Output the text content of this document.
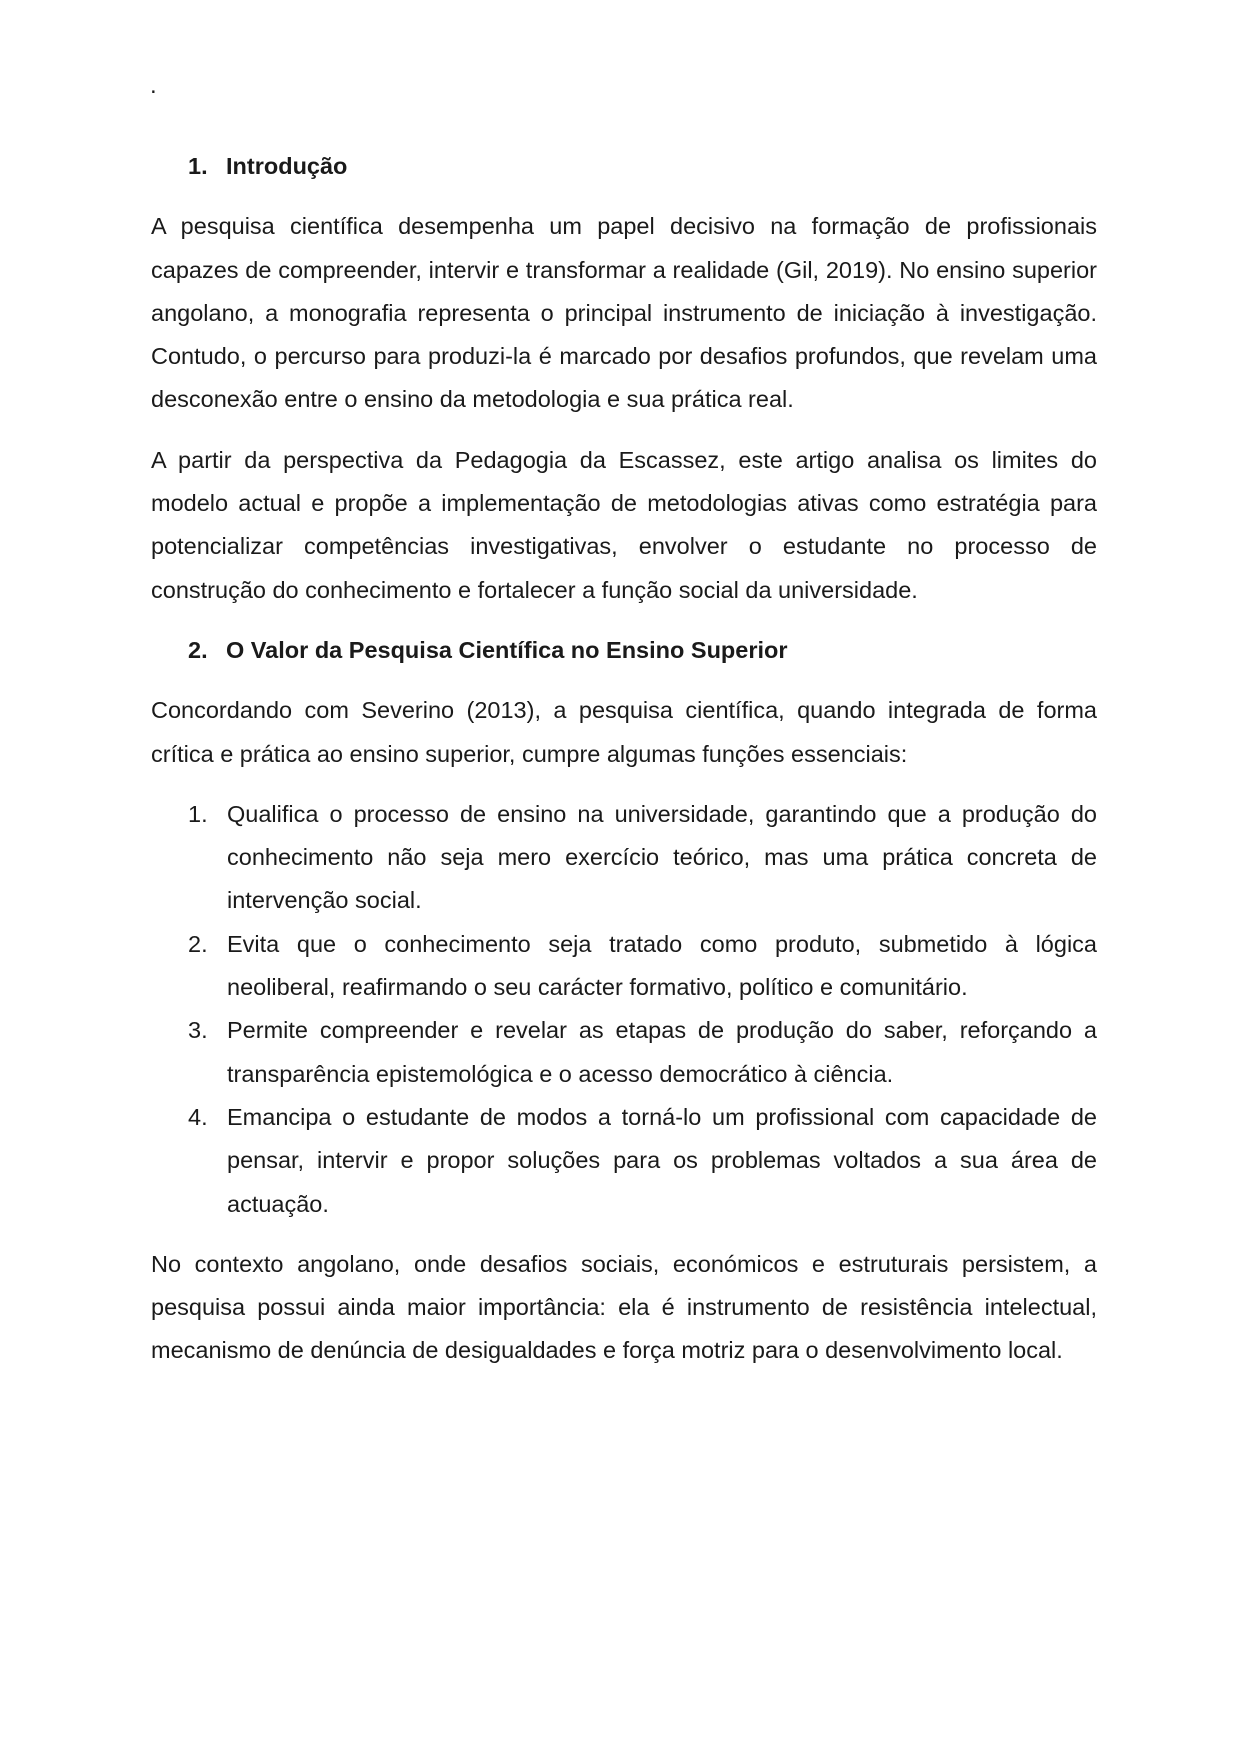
.
1. Introdução

A pesquisa científica desempenha um papel decisivo na formação de profissionais capazes de compreender, intervir e transformar a realidade (Gil, 2019). No ensino superior angolano, a monografia representa o principal instrumento de iniciação à investigação. Contudo, o percurso para produzi-la é marcado por desafios profundos, que revelam uma desconexão entre o ensino da metodologia e sua prática real.

A partir da perspectiva da Pedagogia da Escassez, este artigo analisa os limites do modelo actual e propõe a implementação de metodologias ativas como estratégia para potencializar competências investigativas, envolver o estudante no processo de construção do conhecimento e fortalecer a função social da universidade.

2. O Valor da Pesquisa Científica no Ensino Superior

Concordando com Severino (2013), a pesquisa científica, quando integrada de forma crítica e prática ao ensino superior, cumpre algumas funções essenciais:

1. Qualifica o processo de ensino na universidade, garantindo que a produção do conhecimento não seja mero exercício teórico, mas uma prática concreta de intervenção social.
2. Evita que o conhecimento seja tratado como produto, submetido à lógica neoliberal, reafirmando o seu carácter formativo, político e comunitário.
3. Permite compreender e revelar as etapas de produção do saber, reforçando a transparência epistemológica e o acesso democrático à ciência.
4. Emancipa o estudante de modos a torná-lo um profissional com capacidade de pensar, intervir e propor soluções para os problemas voltados a sua área de actuação.

No contexto angolano, onde desafios sociais, económicos e estruturais persistem, a pesquisa possui ainda maior importância: ela é instrumento de resistência intelectual, mecanismo de denúncia de desigualdades e força motriz para o desenvolvimento local.
